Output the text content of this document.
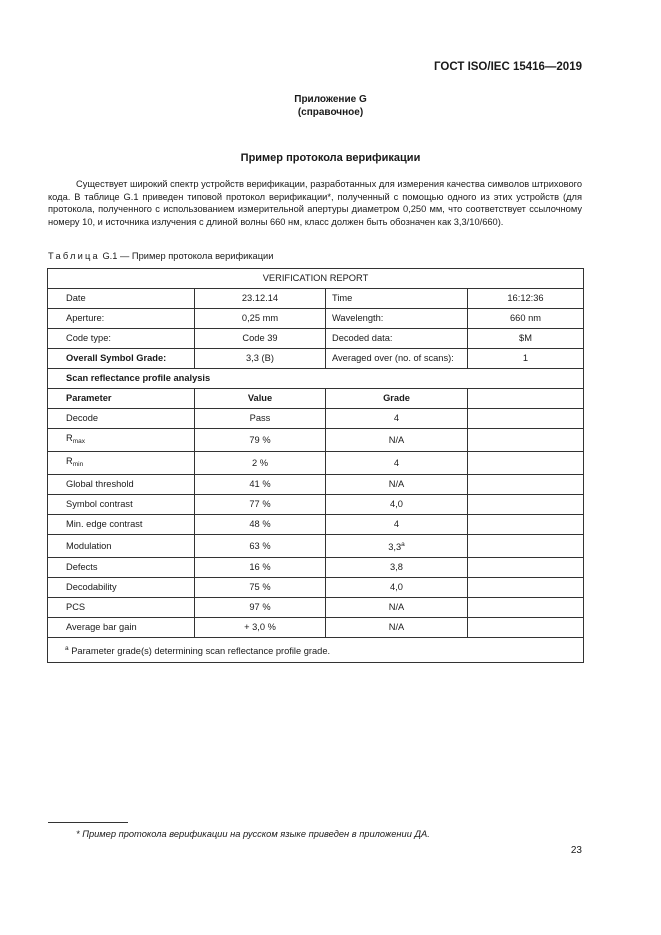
ГОСТ ISO/IEC 15416—2019
Приложение G
(справочное)
Пример протокола верификации

Существует широкий спектр устройств верификации, разработанных для измерения качества символов штрихового кода. В таблице G.1 приведен типовой протокол верификации*, полученный с помощью одного из этих устройств (для протокола, полученного с использованием измерительной апертуры диаметром 0,250 мм, что соответствует ссылочному номеру 10, и источника излучения с длиной волны 660 нм, класс должен быть обозначен как 3,3/10/660).

Таблица G.1 — Пример протокола верификации
VERIFICATION REPORT			
Date	23.12.14	Time	16:12:36
Aperture:	0,25 mm	Wavelength:	660 nm
Code type:	Code 39	Decoded data:	$M
Overall Symbol Grade:	3,3 (B)	Averaged over (no. of scans):	1
Scan reflectance profile analysis			
Parameter	Value	Grade	
Decode	Pass	4	
$R_{max}$	79 %	N/A	
$R_{min}$	2 %	4	
Global threshold	41 %	N/A	
Symbol contrast	77 %	4,0	
Min. edge contrast	48 %	4	
Modulation	63 %	3,3$^a$	
Defects	16 %	3,8	
Decodability	75 %	4,0	
PCS	97 %	N/A	
Average bar gain	+ 3,0 %	N/A	
$^a$ Parameter grade(s) determining scan reflectance profile grade.			
* Пример протокола верификации на русском языке приведен в приложении ДА.
23
